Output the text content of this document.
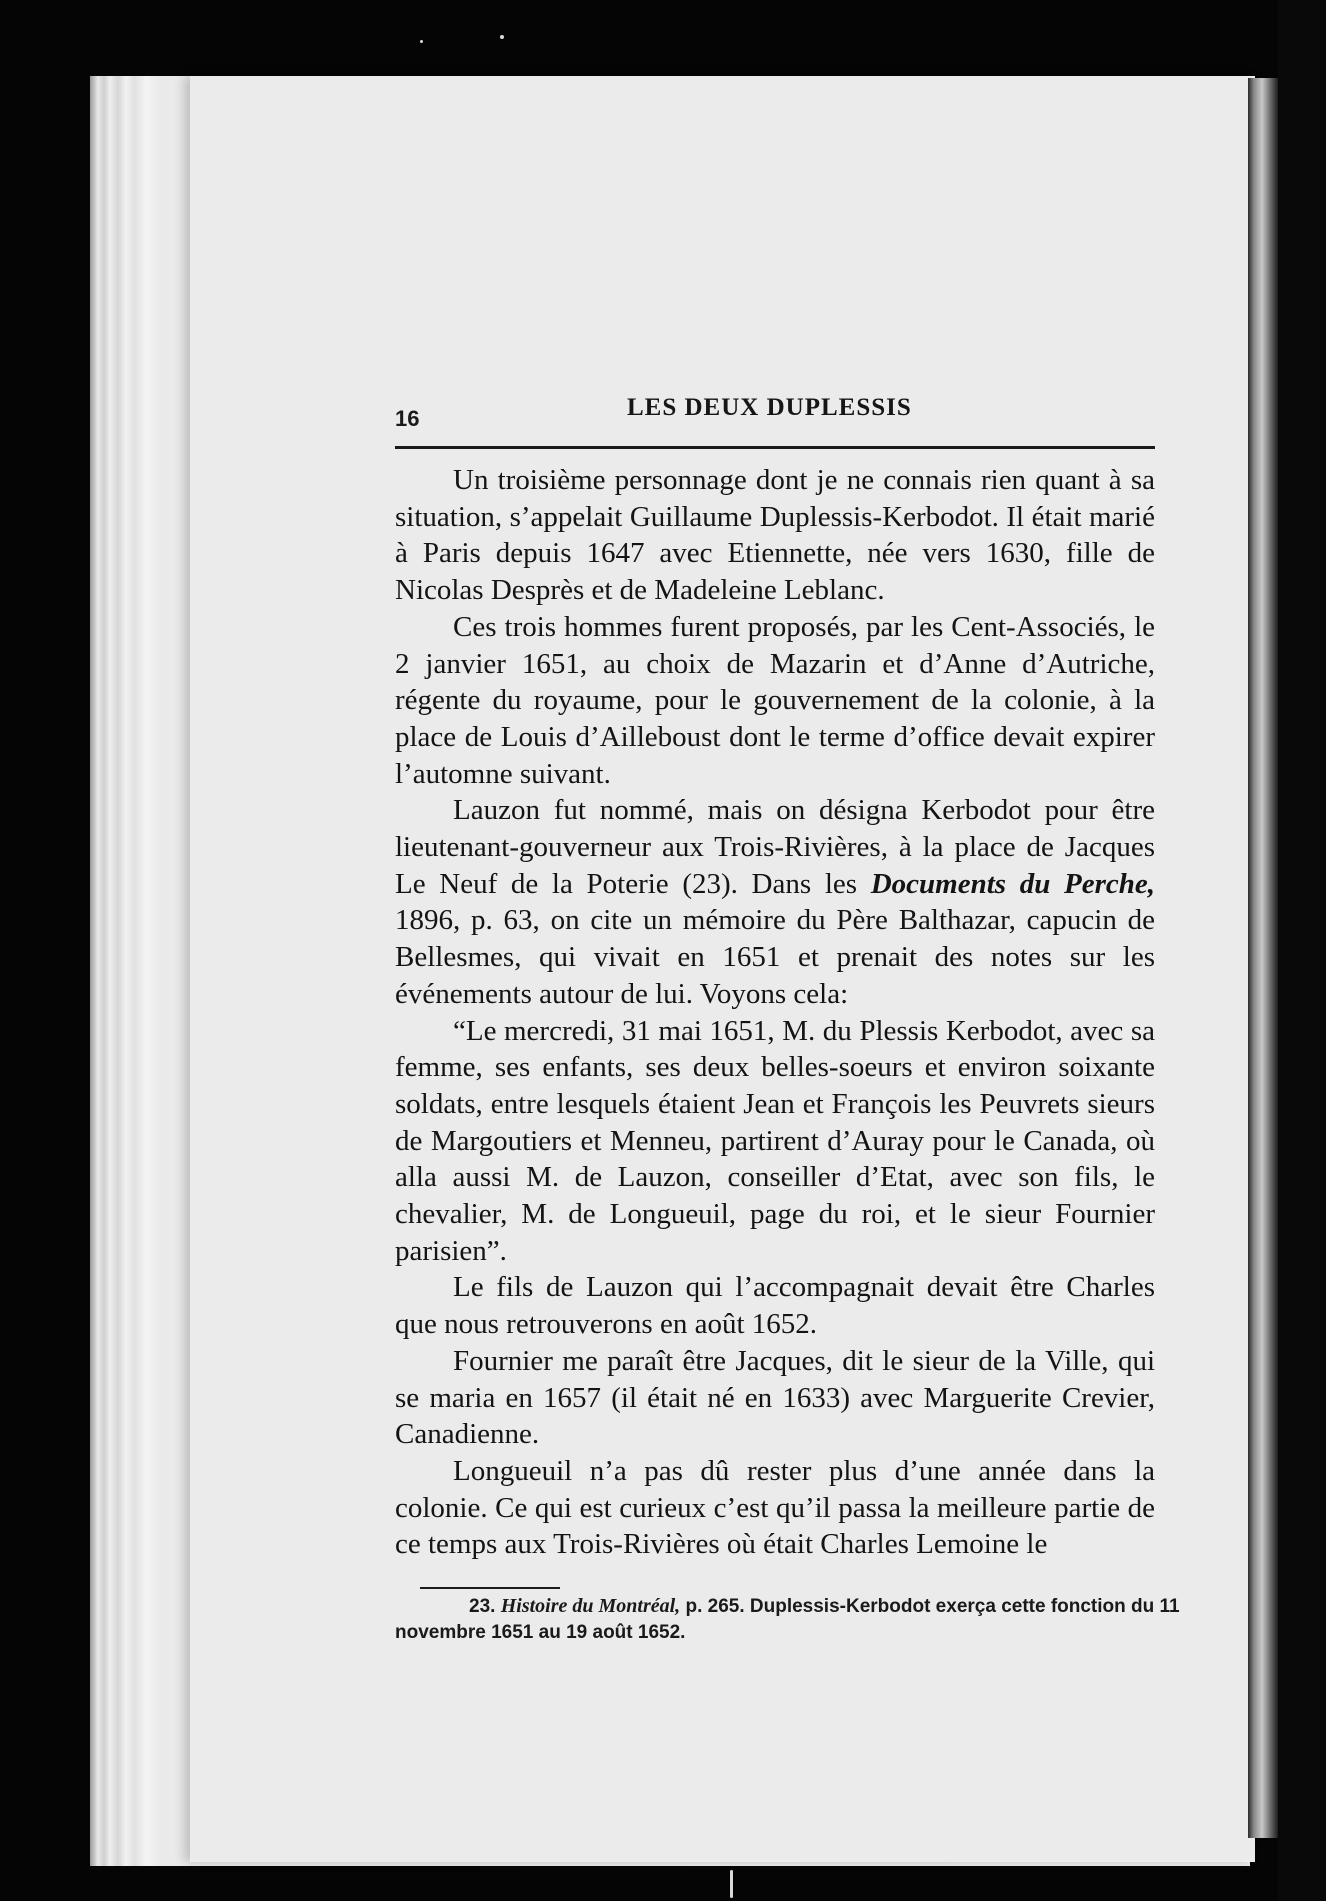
16	LES DEUX DUPLESSIS

Un troisième personnage dont je ne connais rien quant à sa situation, s’appelait Guillaume Duplessis-Kerbodot. Il était marié à Paris depuis 1647 avec Etiennette, née vers 1630, fille de Nicolas Desprès et de Madeleine Leblanc.

Ces trois hommes furent proposés, par les Cent-Associés, le 2 janvier 1651, au choix de Mazarin et d’Anne d’Autriche, régente du royaume, pour le gouvernement de la colonie, à la place de Louis d’Ailleboust dont le terme d’office devait expirer l’automne suivant.

Lauzon fut nommé, mais on désigna Kerbodot pour être lieutenant-gouverneur aux Trois-Rivières, à la place de Jacques Le Neuf de la Poterie (23). Dans les Documents du Perche, 1896, p. 63, on cite un mémoire du Père Balthazar, capucin de Bellesmes, qui vivait en 1651 et prenait des notes sur les événements autour de lui. Voyons cela:

“Le mercredi, 31 mai 1651, M. du Plessis Kerbodot, avec sa femme, ses enfants, ses deux belles-soeurs et environ soixante soldats, entre lesquels étaient Jean et François les Peuvrets sieurs de Margoutiers et Menneu, partirent d’Auray pour le Canada, où alla aussi M. de Lauzon, conseiller d’Etat, avec son fils, le chevalier, M. de Longueuil, page du roi, et le sieur Fournier parisien”.

Le fils de Lauzon qui l’accompagnait devait être Charles que nous retrouverons en août 1652.

Fournier me paraît être Jacques, dit le sieur de la Ville, qui se maria en 1657 (il était né en 1633) avec Marguerite Crevier, Canadienne.

Longueuil n’a pas dû rester plus d’une année dans la colonie. Ce qui est curieux c’est qu’il passa la meilleure partie de ce temps aux Trois-Rivières où était Charles Lemoine le

23. Histoire du Montréal, p. 265. Duplessis-Kerbodot exerça cette fonction du 11 novembre 1651 au 19 août 1652.
